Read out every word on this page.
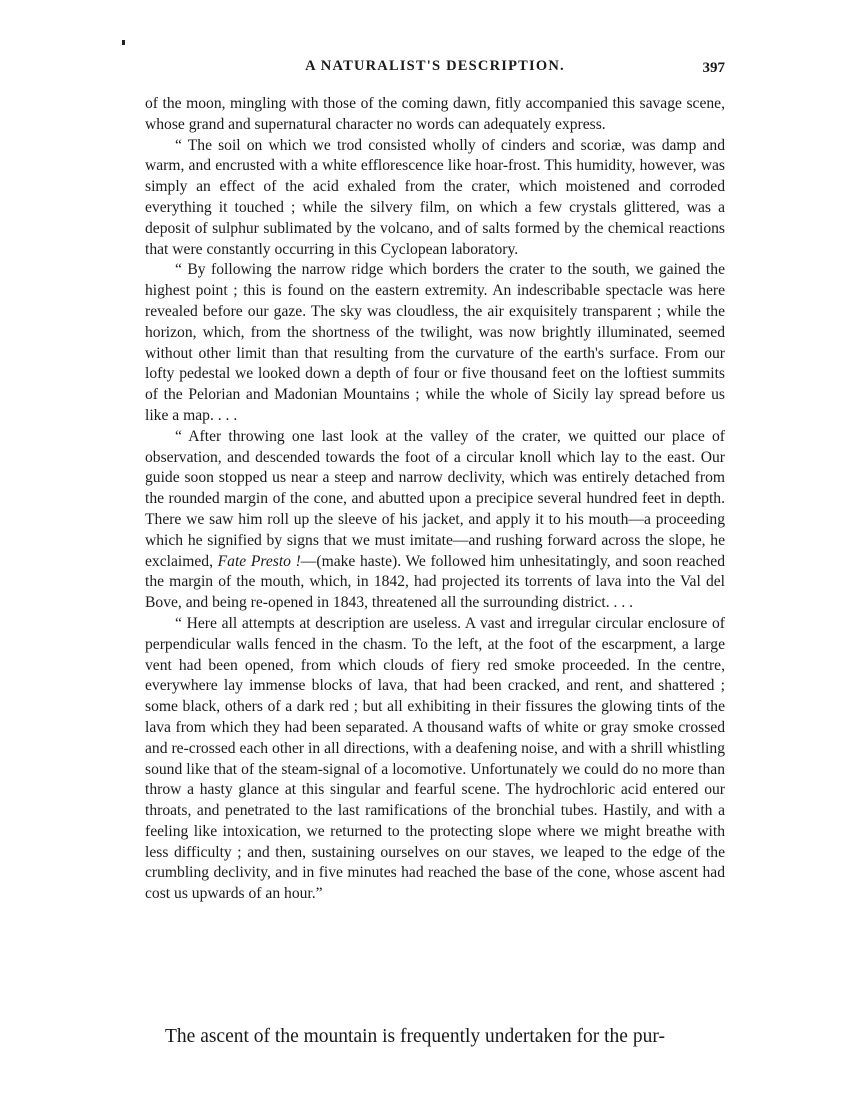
A NATURALIST'S DESCRIPTION.	397

of the moon, mingling with those of the coming dawn, fitly accompanied this savage scene, whose grand and supernatural character no words can adequately express.

“ The soil on which we trod consisted wholly of cinders and scoriæ, was damp and warm, and encrusted with a white efflorescence like hoar-frost. This humidity, however, was simply an effect of the acid exhaled from the crater, which moistened and corroded everything it touched ; while the silvery film, on which a few crystals glittered, was a deposit of sulphur sublimated by the volcano, and of salts formed by the chemical reactions that were constantly occurring in this Cyclopean laboratory.

“ By following the narrow ridge which borders the crater to the south, we gained the highest point ; this is found on the eastern extremity. An indescribable spectacle was here revealed before our gaze. The sky was cloudless, the air exquisitely transparent ; while the horizon, which, from the shortness of the twilight, was now brightly illuminated, seemed without other limit than that resulting from the curvature of the earth's surface. From our lofty pedestal we looked down a depth of four or five thousand feet on the loftiest summits of the Pelorian and Madonian Mountains ; while the whole of Sicily lay spread before us like a map. . . .

“ After throwing one last look at the valley of the crater, we quitted our place of observation, and descended towards the foot of a circular knoll which lay to the east. Our guide soon stopped us near a steep and narrow declivity, which was entirely detached from the rounded margin of the cone, and abutted upon a precipice several hundred feet in depth. There we saw him roll up the sleeve of his jacket, and apply it to his mouth—a proceeding which he signified by signs that we must imitate—and rushing forward across the slope, he exclaimed, Fate Presto !—(make haste). We followed him unhesitatingly, and soon reached the margin of the mouth, which, in 1842, had projected its torrents of lava into the Val del Bove, and being re-opened in 1843, threatened all the surrounding district. . . .

“ Here all attempts at description are useless. A vast and irregular circular enclosure of perpendicular walls fenced in the chasm. To the left, at the foot of the escarpment, a large vent had been opened, from which clouds of fiery red smoke proceeded. In the centre, everywhere lay immense blocks of lava, that had been cracked, and rent, and shattered ; some black, others of a dark red ; but all exhibiting in their fissures the glowing tints of the lava from which they had been separated. A thousand wafts of white or gray smoke crossed and re-crossed each other in all directions, with a deafening noise, and with a shrill whistling sound like that of the steam-signal of a locomotive. Unfortunately we could do no more than throw a hasty glance at this singular and fearful scene. The hydrochloric acid entered our throats, and penetrated to the last ramifications of the bronchial tubes. Hastily, and with a feeling like intoxication, we returned to the protecting slope where we might breathe with less difficulty ; and then, sustaining ourselves on our staves, we leaped to the edge of the crumbling declivity, and in five minutes had reached the base of the cone, whose ascent had cost us upwards of an hour.”

The ascent of the mountain is frequently undertaken for the pur-
